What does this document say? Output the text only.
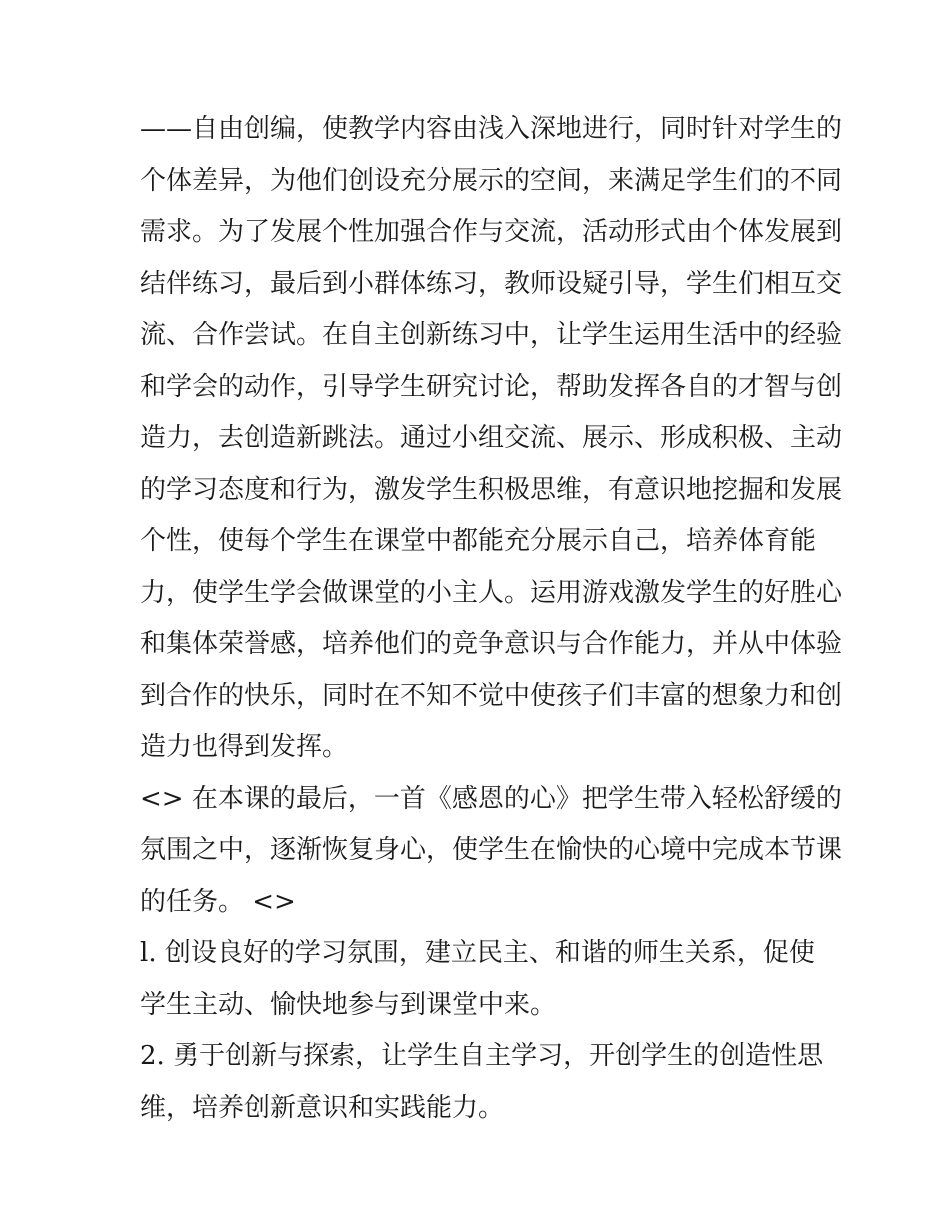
——自由创编，使教学内容由浅入深地进行，同时针对学生的
个体差异，为他们创设充分展示的空间，来满足学生们的不同
需求。为了发展个性加强合作与交流，活动形式由个体发展到
结伴练习，最后到小群体练习，教师设疑引导，学生们相互交
流、合作尝试。在自主创新练习中，让学生运用生活中的经验
和学会的动作，引导学生研究讨论，帮助发挥各自的才智与创
造力，去创造新跳法。通过小组交流、展示、形成积极、主动
的学习态度和行为，激发学生积极思维，有意识地挖掘和发展
个性，使每个学生在课堂中都能充分展示自己，培养体育能
力，使学生学会做课堂的小主人。运用游戏激发学生的好胜心
和集体荣誉感，培养他们的竞争意识与合作能力，并从中体验
到合作的快乐，同时在不知不觉中使孩子们丰富的想象力和创
造力也得到发挥。
<> 在本课的最后，一首《感恩的心》把学生带入轻松舒缓的
氛围之中，逐渐恢复身心，使学生在愉快的心境中完成本节课
的任务。 <>
l. 创设良好的学习氛围，建立民主、和谐的师生关系，促使
学生主动、愉快地参与到课堂中来。
2. 勇于创新与探索，让学生自主学习，开创学生的创造性思
维，培养创新意识和实践能力。
